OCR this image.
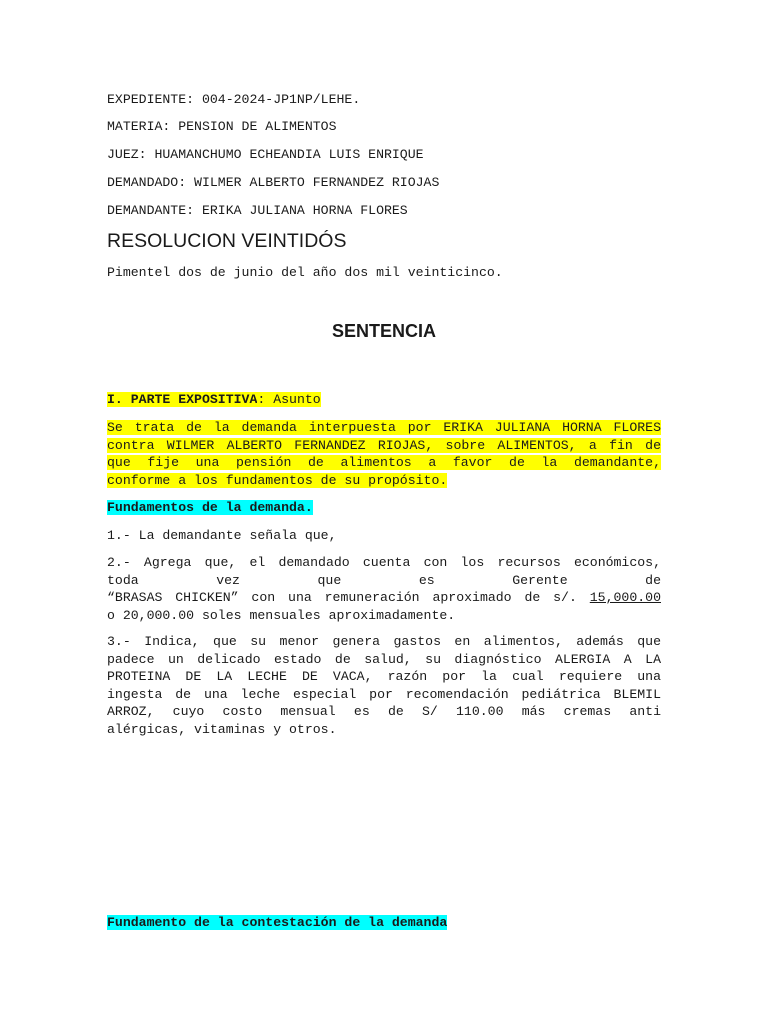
EXPEDIENTE: 004-2024-JP1NP/LEHE.
MATERIA: PENSION DE ALIMENTOS
JUEZ: HUAMANCHUMO ECHEANDIA LUIS ENRIQUE
DEMANDADO: WILMER ALBERTO FERNANDEZ RIOJAS
DEMANDANTE: ERIKA JULIANA HORNA FLORES
RESOLUCION VEINTIDÓS
Pimentel dos de junio del año dos mil veinticinco.
SENTENCIA
I. PARTE EXPOSITIVA: Asunto
Se trata de la demanda interpuesta por ERIKA JULIANA HORNA FLORES
contra WILMER ALBERTO FERNANDEZ RIOJAS, sobre ALIMENTOS, a fin de
que fije una pensión de alimentos a favor de la demandante,
conforme a los fundamentos de su propósito.
Fundamentos de la demanda.
1.- La demandante señala que,
2.- Agrega que, el demandado cuenta con los recursos económicos,
toda vez que es Gerente de
“BRASAS CHICKEN” con una remuneración aproximado de s/. 15,000.00
o 20,000.00 soles mensuales aproximadamente.
3.- Indica, que su menor genera gastos en alimentos, además que
padece un delicado estado de salud, su diagnóstico ALERGIA A LA
PROTEINA DE LA LECHE DE VACA, razón por la cual requiere una
ingesta de una leche especial por recomendación pediátrica BLEMIL
ARROZ, cuyo costo mensual es de S/ 110.00 más cremas anti
alérgicas, vitaminas y otros.
Fundamento de la contestación de la demanda
